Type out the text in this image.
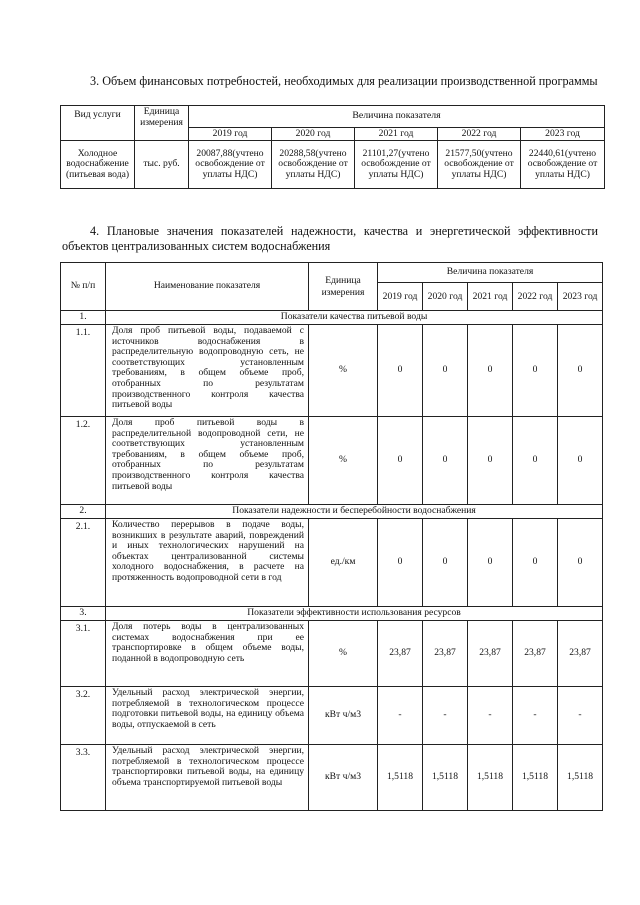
3. Объем финансовых потребностей, необходимых для реализации производственной программы

Вид услуги	Единица измерения	Величина показателя				
		2019 год	2020 год	2021 год	2022 год	2023 год
Холодное водоснабжение (питьевая вода)	тыс. руб.	20087,88(учтено освобождение от уплаты НДС)	20288,58(учтено освобождение от уплаты НДС)	21101,27(учтено освобождение от уплаты НДС)	21577,50(учтено освобождение от уплаты НДС)	22440,61(учтено освобождение от уплаты НДС)

4. Плановые значения показателей надежности, качества и энергетической эффективности объектов централизованных систем водоснабжения

№ п/п	Наименование показателя	Единица измерения	Величина показателя				
			2019 год	2020 год	2021 год	2022 год	2023 год
1.	Показатели качества питьевой воды						
1.1.	Доля проб питьевой воды, подаваемой с источников водоснабжения в распределительную водопроводную сеть, не соответствующих установленным требованиям, в общем объеме проб, отобранных по результатам производственного контроля качества питьевой воды	%	0	0	0	0	0
1.2.	Доля проб питьевой воды в распределительной водопроводной сети, не соответствующих установленным требованиям, в общем объеме проб, отобранных по результатам производственного контроля качества питьевой воды	%	0	0	0	0	0
2.	Показатели надежности и бесперебойности водоснабжения						
2.1.	Количество перерывов в подаче воды, возникших в результате аварий, повреждений и иных технологических нарушений на объектах централизованной системы холодного водоснабжения, в расчете на протяженность водопроводной сети в год	ед./км	0	0	0	0	0
3.	Показатели эффективности использования ресурсов						
3.1.	Доля потерь воды в централизованных системах водоснабжения при ее транспортировке в общем объеме воды, поданной в водопроводную сеть	%	23,87	23,87	23,87	23,87	23,87
3.2.	Удельный расход электрической энергии, потребляемой в технологическом процессе подготовки питьевой воды, на единицу объема воды, отпускаемой в сеть	кВт ч/м3	-	-	-	-	-
3.3.	Удельный расход электрической энергии, потребляемой в технологическом процессе транспортировки питьевой воды, на единицу объема транспортируемой питьевой воды	кВт ч/м3	1,5118	1,5118	1,5118	1,5118	1,5118
